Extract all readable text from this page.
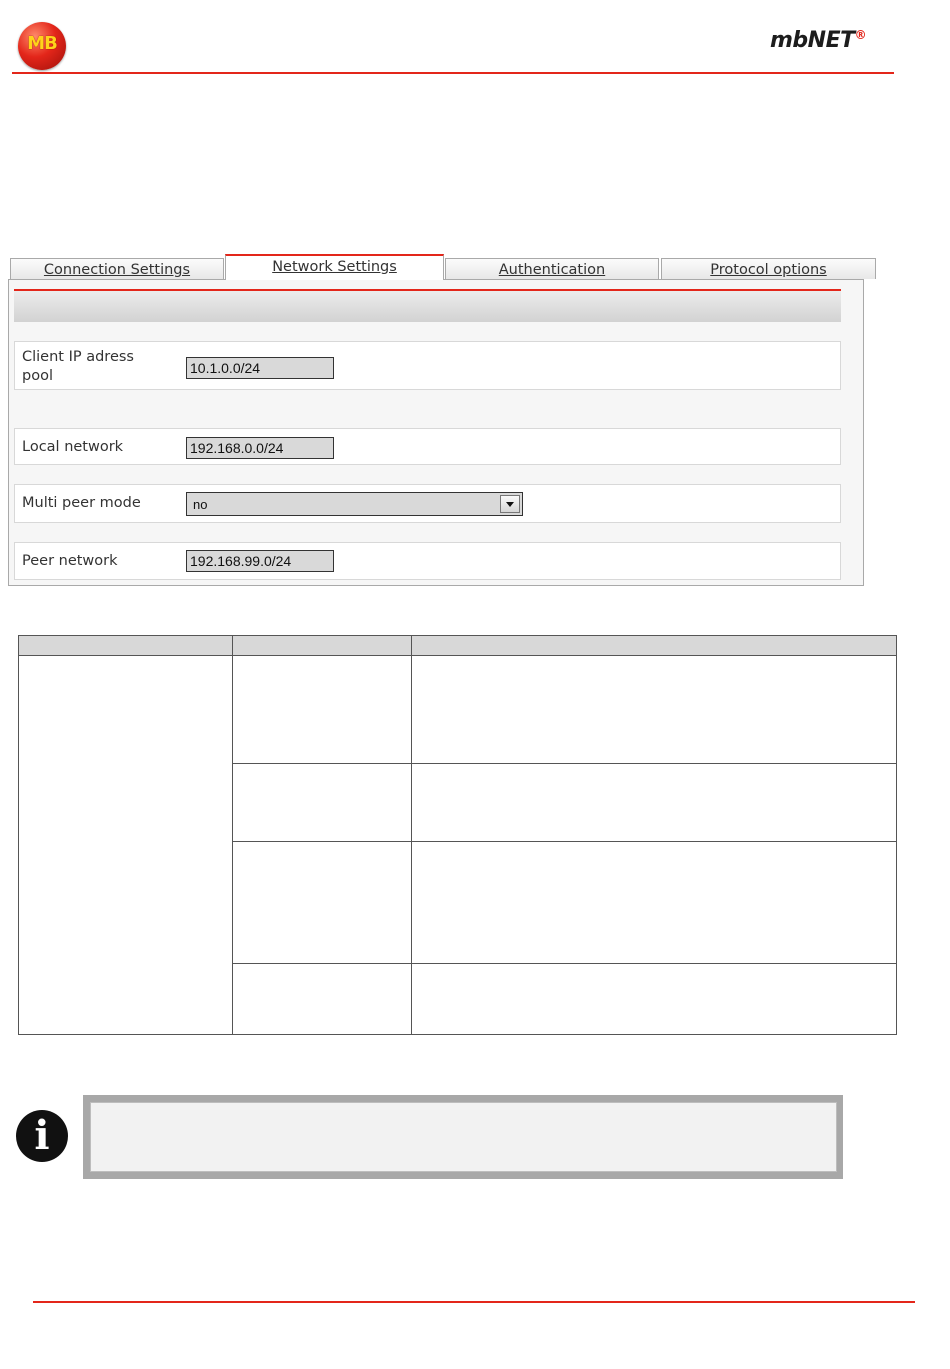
MB	mbNET®
Connection Settings	Network Settings	Authentication	Protocol options
Client IP adress
pool	10.1.0.0/24
Local network	192.168.0.0/24
Multi peer mode	no
Peer network	192.168.99.0/24
i
